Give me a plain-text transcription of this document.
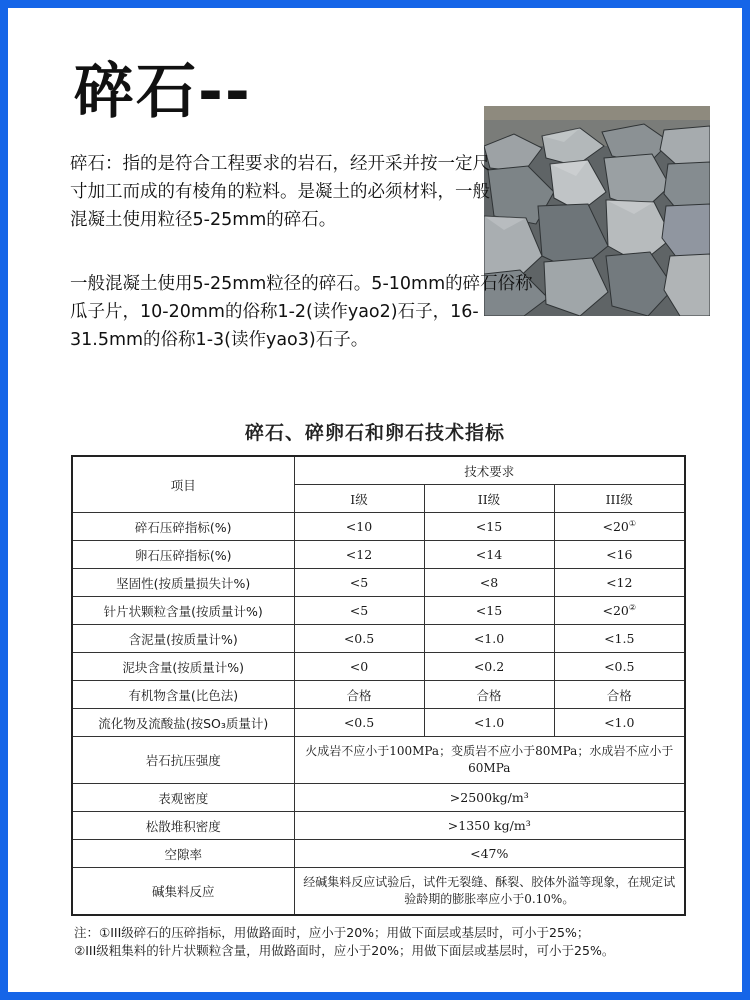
碎石--
碎石：指的是符合工程要求的岩石，经开采并按一定尺寸加工而成的有棱角的粒料。是凝土的必须材料，一般混凝土使用粒径5-25mm的碎石。
一般混凝土使用5-25mm粒径的碎石。5-10mm的碎石俗称瓜子片，10-20mm的俗称1-2(读作yao2)石子，16-31.5mm的俗称1-3(读作yao3)石子。
碎石、碎卵石和卵石技术指标
项目	技术要求		
	I级	II级	III级
碎石压碎指标(%)	<10	<15	<20①
卵石压碎指标(%)	<12	<14	<16
坚固性(按质量损失计%)	<5	<8	<12
针片状颗粒含量(按质量计%)	<5	<15	<20②
含泥量(按质量计%)	<0.5	<1.0	<1.5
泥块含量(按质量计%)	<0	<0.2	<0.5
有机物含量(比色法)	合格	合格	合格
流化物及流酸盐(按SO₃质量计)	<0.5	<1.0	<1.0
岩石抗压强度	火成岩不应小于100MPa；变质岩不应小于80MPa；水成岩不应小于60MPa		
表观密度	>2500kg/m³		
松散堆积密度	>1350 kg/m³		
空隙率	<47%		
碱集料反应	经碱集料反应试验后，试件无裂缝、酥裂、胶体外溢等现象，在规定试验龄期的膨胀率应小于0.10%。		
注：①III级碎石的压碎指标，用做路面时，应小于20%；用做下面层或基层时，可小于25%；
②III级粗集料的针片状颗粒含量，用做路面时，应小于20%；用做下面层或基层时，可小于25%。
